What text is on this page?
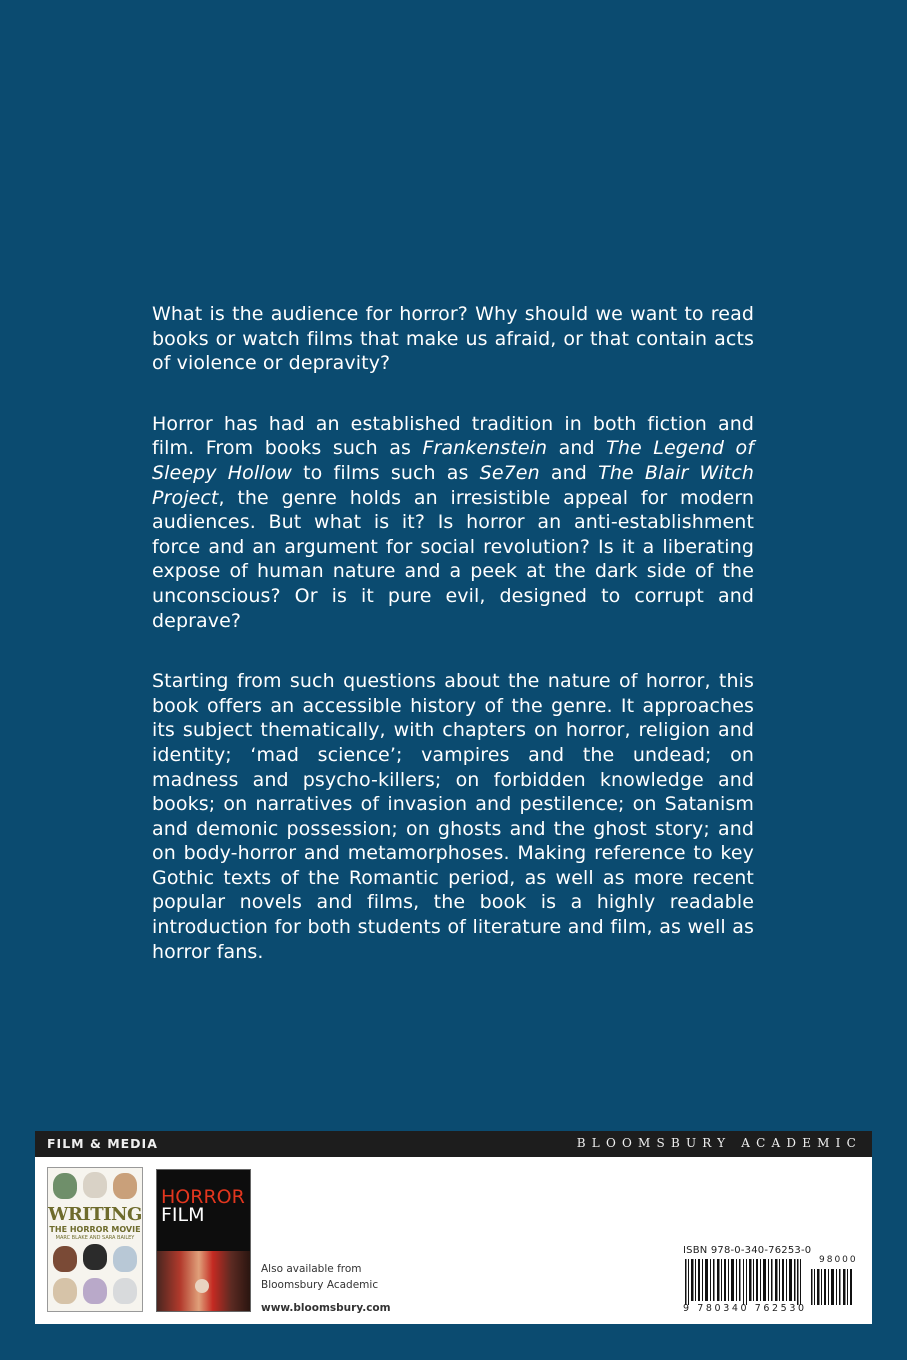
What is the audience for horror? Why should we want to read books or watch films that make us afraid, or that contain acts of violence or depravity?

Horror has had an established tradition in both fiction and film. From books such as Frankenstein and The Legend of Sleepy Hollow to films such as Se7en and The Blair Witch Project, the genre holds an irresistible appeal for modern audiences. But what is it? Is horror an anti-establishment force and an argument for social revolution? Is it a liberating expose of human nature and a peek at the dark side of the unconscious? Or is it pure evil, designed to corrupt and deprave?

Starting from such questions about the nature of horror, this book offers an accessible history of the genre. It approaches its subject thematically, with chapters on horror, religion and identity; ‘mad science’; vampires and the undead; on madness and psycho-killers; on forbidden knowledge and books; on narratives of invasion and pestilence; on Satanism and demonic possession; on ghosts and the ghost story; and on body-horror and metamorphoses. Making reference to key Gothic texts of the Romantic period, as well as more recent popular novels and films, the book is a highly readable introduction for both students of literature and film, as well as horror fans.

FILM & MEDIA	BLOOMSBURY ACADEMIC
WRITING
THE HORROR MOVIE
MARC BLAKE AND SARA BAILEY
HORROR
FILM
Also available from
Bloomsbury Academic
www.bloomsbury.com
ISBN 978-0-340-76253-0
98000
9 780340 762530
